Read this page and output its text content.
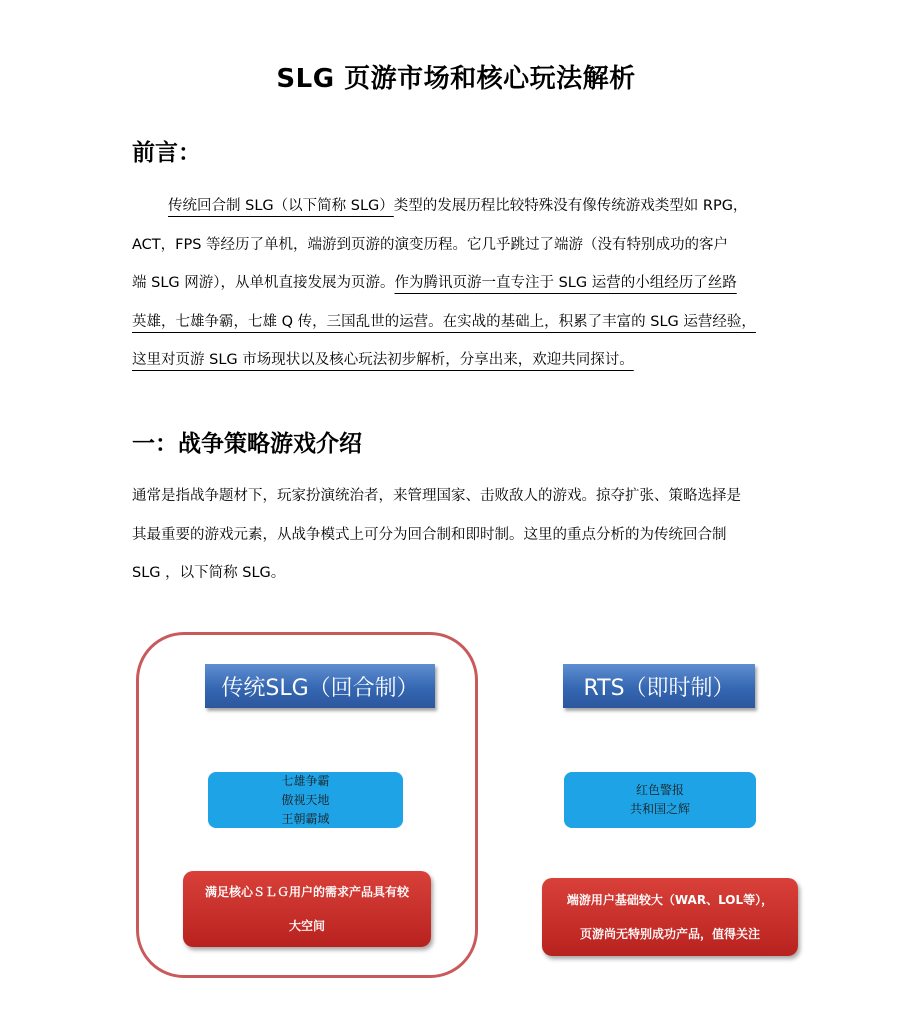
SLG 页游市场和核心玩法解析
前言：

传统回合制 SLG（以下简称 SLG）类型的发展历程比较特殊没有像传统游戏类型如 RPG，
ACT，FPS 等经历了单机，端游到页游的演变历程。它几乎跳过了端游（没有特别成功的客户
端 SLG 网游），从单机直接发展为页游。作为腾讯页游一直专注于 SLG 运营的小组经历了丝路
英雄，七雄争霸，七雄 Q 传，三国乱世的运营。在实战的基础上，积累了丰富的 SLG 运营经验，
这里对页游 SLG 市场现状以及核心玩法初步解析，分享出来，欢迎共同探讨。

一：战争策略游戏介绍

通常是指战争题材下，玩家扮演统治者，来管理国家、击败敌人的游戏。掠夺扩张、策略选择是
其最重要的游戏元素，从战争模式上可分为回合制和即时制。这里的重点分析的为传统回合制
SLG ，以下简称 SLG。

传统SLG（回合制）
七雄争霸
傲视天地
王朝霸域
满足核心ＳＬＧ用户的需求产品具有较
大空间
RTS（即时制）
红色警报
共和国之辉
端游用户基础较大（WAR、LOL等），
页游尚无特别成功产品，值得关注
